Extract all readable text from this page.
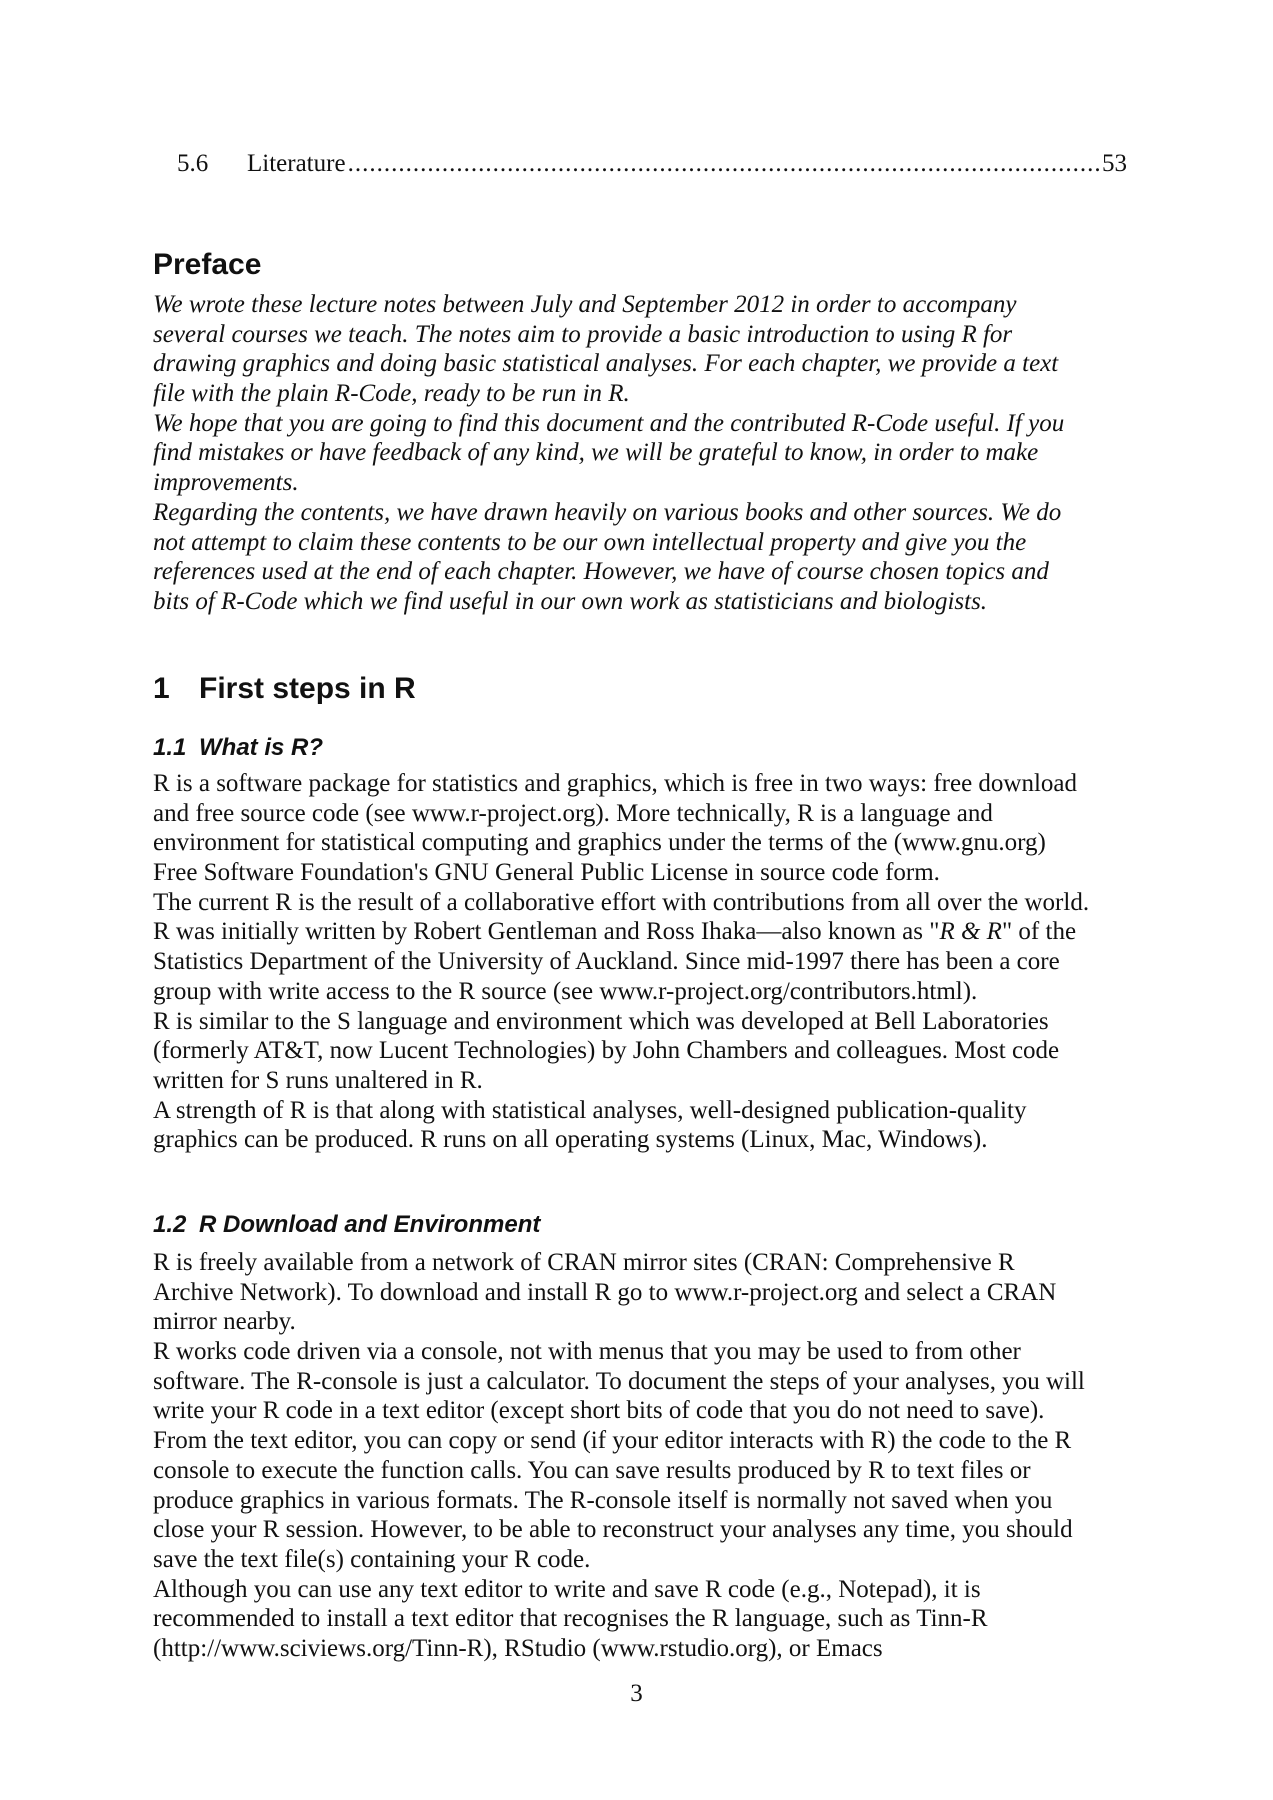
5.6	Literature .....	53
Preface
We wrote these lecture notes between July and September 2012 in order to accompany
several courses we teach. The notes aim to provide a basic introduction to using R for
drawing graphics and doing basic statistical analyses. For each chapter, we provide a text
file with the plain R-Code, ready to be run in R.
We hope that you are going to find this document and the contributed R-Code useful. If you
find mistakes or have feedback of any kind, we will be grateful to know, in order to make
improvements.
Regarding the contents, we have drawn heavily on various books and other sources. We do
not attempt to claim these contents to be our own intellectual property and give you the
references used at the end of each chapter. However, we have of course chosen topics and
bits of R-Code which we find useful in our own work as statisticians and biologists.
1 First steps in R
1.1 What is R?
R is a software package for statistics and graphics, which is free in two ways: free download
and free source code (see www.r-project.org). More technically, R is a language and
environment for statistical computing and graphics under the terms of the (www.gnu.org)
Free Software Foundation's GNU General Public License in source code form.
The current R is the result of a collaborative effort with contributions from all over the world.
R was initially written by Robert Gentleman and Ross Ihaka—also known as "R & R" of the
Statistics Department of the University of Auckland. Since mid-1997 there has been a core
group with write access to the R source (see www.r-project.org/contributors.html).
R is similar to the S language and environment which was developed at Bell Laboratories
(formerly AT&T, now Lucent Technologies) by John Chambers and colleagues. Most code
written for S runs unaltered in R.
A strength of R is that along with statistical analyses, well-designed publication-quality
graphics can be produced. R runs on all operating systems (Linux, Mac, Windows).
1.2 R Download and Environment
R is freely available from a network of CRAN mirror sites (CRAN: Comprehensive R
Archive Network). To download and install R go to www.r-project.org and select a CRAN
mirror nearby.
R works code driven via a console, not with menus that you may be used to from other
software. The R-console is just a calculator. To document the steps of your analyses, you will
write your R code in a text editor (except short bits of code that you do not need to save).
From the text editor, you can copy or send (if your editor interacts with R) the code to the R
console to execute the function calls. You can save results produced by R to text files or
produce graphics in various formats. The R-console itself is normally not saved when you
close your R session. However, to be able to reconstruct your analyses any time, you should
save the text file(s) containing your R code.
Although you can use any text editor to write and save R code (e.g., Notepad), it is
recommended to install a text editor that recognises the R language, such as Tinn-R
(http://www.sciviews.org/Tinn-R), RStudio (www.rstudio.org), or Emacs
3
